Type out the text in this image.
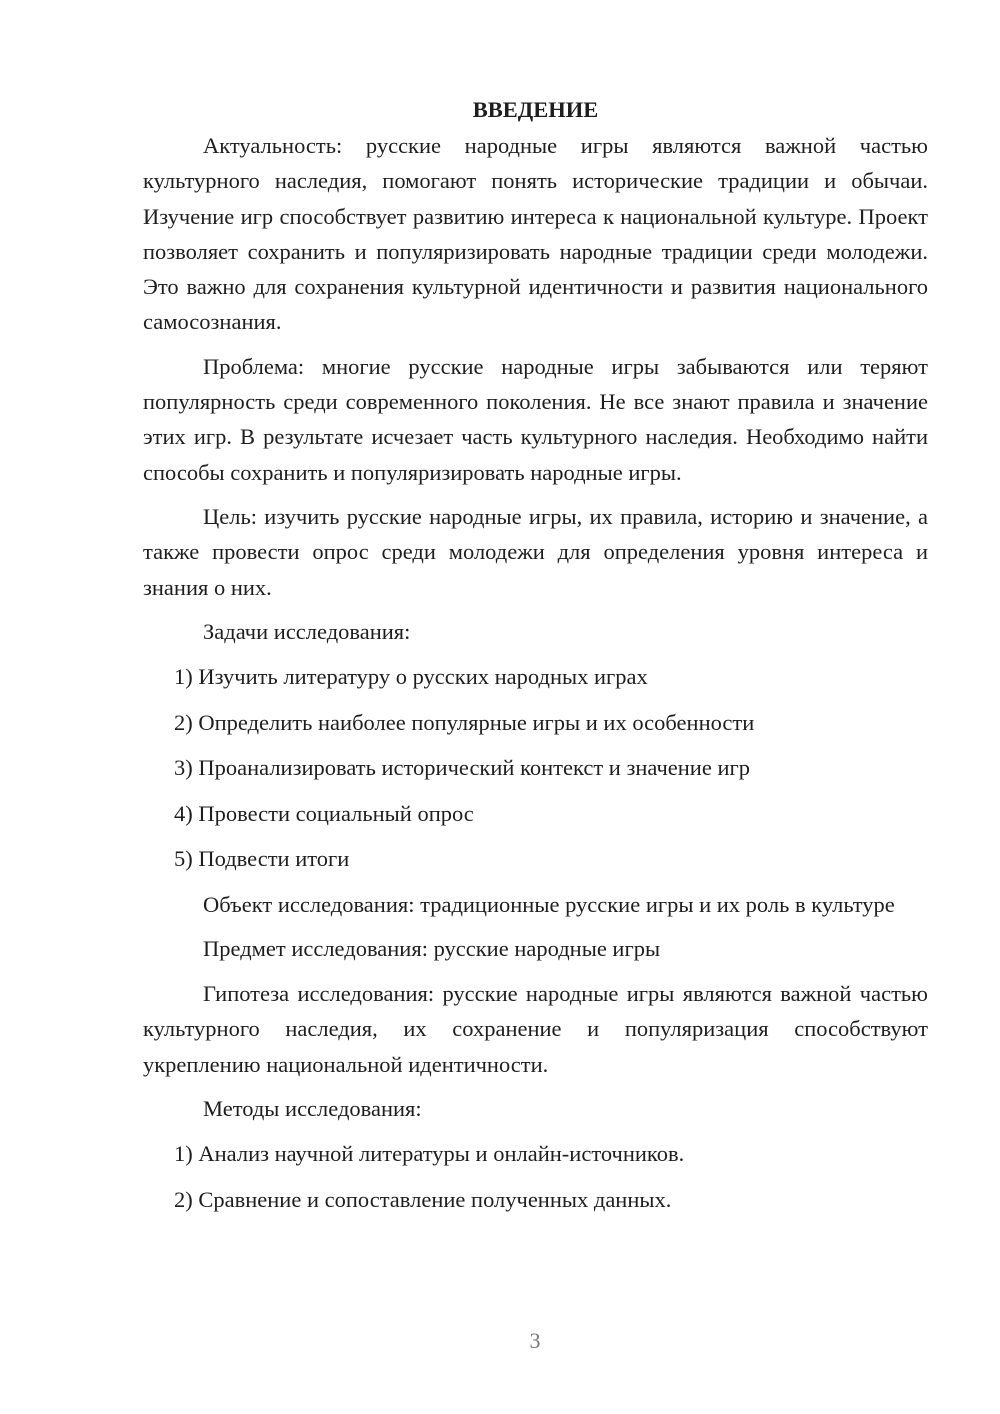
ВВЕДЕНИЕ

Актуальность: русские народные игры являются важной частью культурного наследия, помогают понять исторические традиции и обычаи. Изучение игр способствует развитию интереса к национальной культуре. Проект позволяет сохранить и популяризировать народные традиции среди молодежи. Это важно для сохранения культурной идентичности и развития национального самосознания.

Проблема: многие русские народные игры забываются или теряют популярность среди современного поколения. Не все знают правила и значение этих игр. В результате исчезает часть культурного наследия. Необходимо найти способы сохранить и популяризировать народные игры.

Цель: изучить русские народные игры, их правила, историю и значение, а также провести опрос среди молодежи для определения уровня интереса и знания о них.

Задачи исследования:

1) Изучить литературу о русских народных играх

2) Определить наиболее популярные игры и их особенности

3) Проанализировать исторический контекст и значение игр

4) Провести социальный опрос

5) Подвести итоги

Объект исследования: традиционные русские игры и их роль в культуре

Предмет исследования: русские народные игры

Гипотеза исследования: русские народные игры являются важной частью культурного наследия, их сохранение и популяризация способствуют укреплению национальной идентичности.

Методы исследования:

1) Анализ научной литературы и онлайн-источников.

2) Сравнение и сопоставление полученных данных.

3
